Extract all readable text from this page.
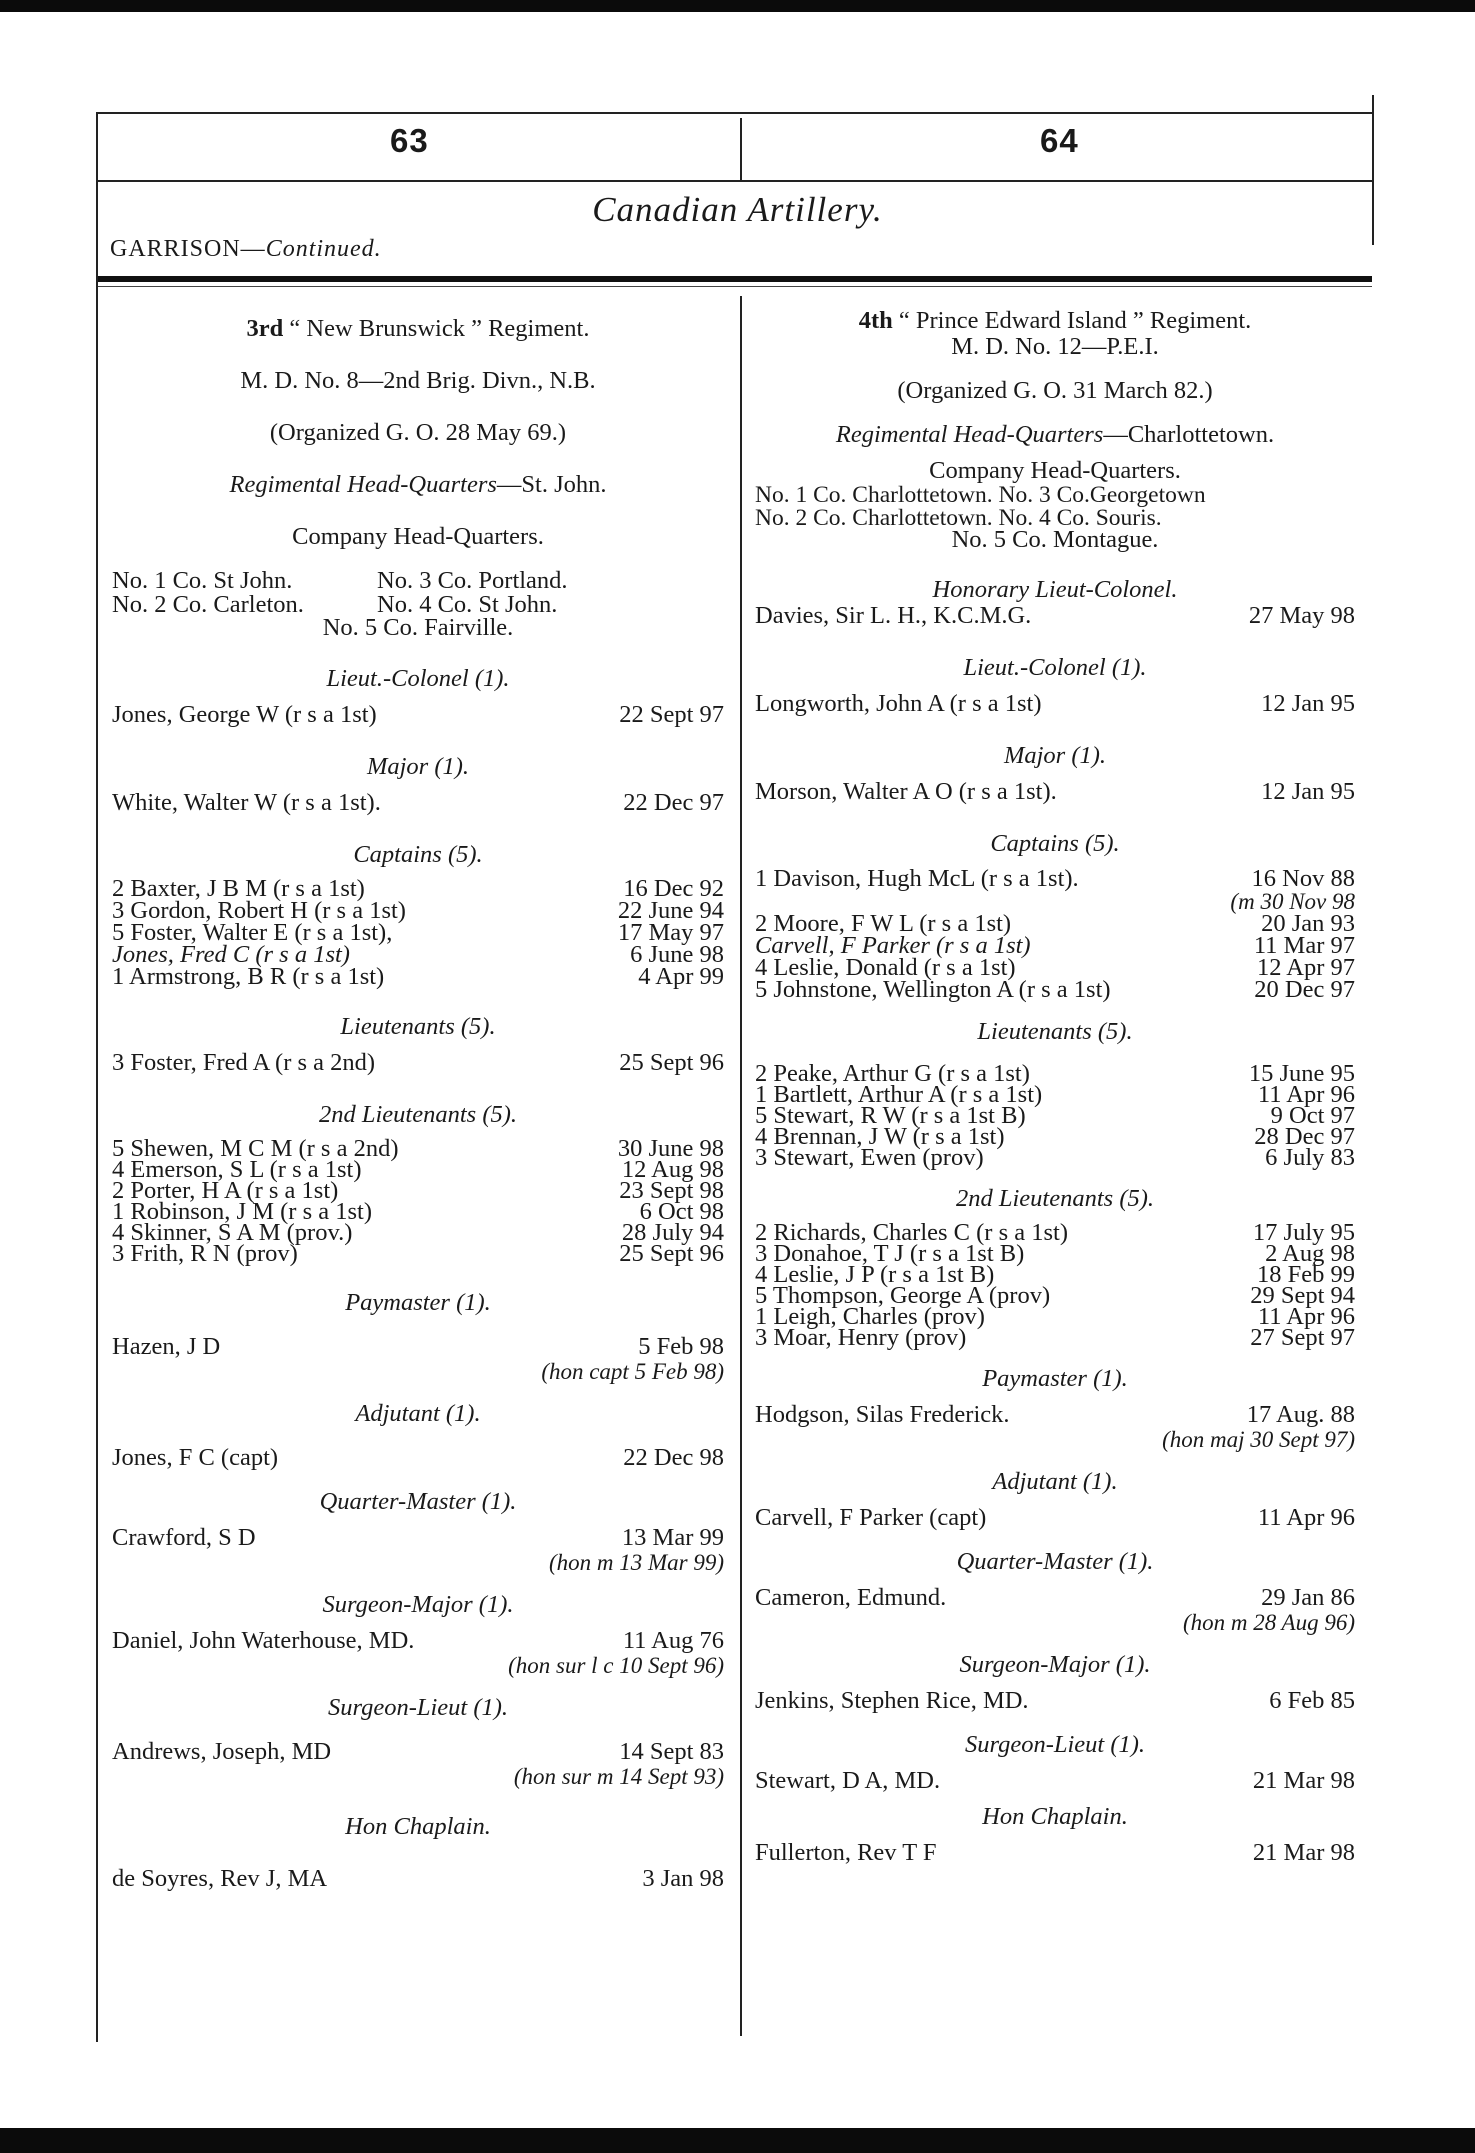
63	64
Canadian Artillery.
GARRISON—Continued.
3rd “ New Brunswick ” Regiment.
M. D. No. 8—2nd Brig. Divn., N.B.
(Organized G. O. 28 May 69.)
Regimental Head-Quarters—St. John.
Company Head-Quarters.
No. 1 Co. St John.	No. 3 Co. Portland.
No. 2 Co. Carleton.	No. 4 Co. St John.
No. 5 Co. Fairville.
Lieut.-Colonel (1).
Jones, George W (r s a 1st)	22 Sept 97
Major (1).
White, Walter W (r s a 1st).	22 Dec 97
Captains (5).
2 Baxter, J B M (r s a 1st)	16 Dec 92
3 Gordon, Robert H (r s a 1st)	22 June 94
5 Foster, Walter E (r s a 1st),	17 May 97
Jones, Fred C (r s a 1st)	6 June 98
1 Armstrong, B R (r s a 1st)	4 Apr 99
Lieutenants (5).
3 Foster, Fred A (r s a 2nd)	25 Sept 96
2nd Lieutenants (5).
5 Shewen, M C M (r s a 2nd)	30 June 98
4 Emerson, S L (r s a 1st)	12 Aug 98
2 Porter, H A (r s a 1st)	23 Sept 98
1 Robinson, J M (r s a 1st)	6 Oct 98
4 Skinner, S A M (prov.)	28 July 94
3 Frith, R N (prov)	25 Sept 96
Paymaster (1).
Hazen, J D	5 Feb 98
(hon capt 5 Feb 98)
Adjutant (1).
Jones, F C (capt)	22 Dec 98
Quarter-Master (1).
Crawford, S D	13 Mar 99
(hon m 13 Mar 99)
Surgeon-Major (1).
Daniel, John Waterhouse, MD.	11 Aug 76
(hon sur l c 10 Sept 96)
Surgeon-Lieut (1).
Andrews, Joseph, MD	14 Sept 83
(hon sur m 14 Sept 93)
Hon Chaplain.
de Soyres, Rev J, MA	3 Jan 98
4th “ Prince Edward Island ” Regiment.
M. D. No. 12—P.E.I.
(Organized G. O. 31 March 82.)
Regimental Head-Quarters—Charlottetown.
Company Head-Quarters.
No. 1 Co. Charlottetown. No. 3 Co.Georgetown
No. 2 Co. Charlottetown. No. 4 Co. Souris.
No. 5 Co. Montague.
Honorary Lieut-Colonel.
Davies, Sir L. H., K.C.M.G.	27 May 98
Lieut.-Colonel (1).
Longworth, John A (r s a 1st)	12 Jan 95
Major (1).
Morson, Walter A O (r s a 1st).	12 Jan 95
Captains (5).
1 Davison, Hugh McL (r s a 1st).	16 Nov 88
(m 30 Nov 98
2 Moore, F W L (r s a 1st)	20 Jan 93
Carvell, F Parker (r s a 1st)	11 Mar 97
4 Leslie, Donald (r s a 1st)	12 Apr 97
5 Johnstone, Wellington A (r s a 1st)	20 Dec 97
Lieutenants (5).
2 Peake, Arthur G (r s a 1st)	15 June 95
1 Bartlett, Arthur A (r s a 1st)	11 Apr 96
5 Stewart, R W (r s a 1st B)	9 Oct 97
4 Brennan, J W (r s a 1st)	28 Dec 97
3 Stewart, Ewen (prov)	6 July 83
2nd Lieutenants (5).
2 Richards, Charles C (r s a 1st)	17 July 95
3 Donahoe, T J (r s a 1st B)	2 Aug 98
4 Leslie, J P (r s a 1st B)	18 Feb 99
5 Thompson, George A (prov)	29 Sept 94
1 Leigh, Charles (prov)	11 Apr 96
3 Moar, Henry (prov)	27 Sept 97
Paymaster (1).
Hodgson, Silas Frederick.	17 Aug. 88
(hon maj 30 Sept 97)
Adjutant (1).
Carvell, F Parker (capt)	11 Apr 96
Quarter-Master (1).
Cameron, Edmund.	29 Jan 86
(hon m 28 Aug 96)
Surgeon-Major (1).
Jenkins, Stephen Rice, MD.	6 Feb 85
Surgeon-Lieut (1).
Stewart, D A, MD.	21 Mar 98
Hon Chaplain.
Fullerton, Rev T F	21 Mar 98
